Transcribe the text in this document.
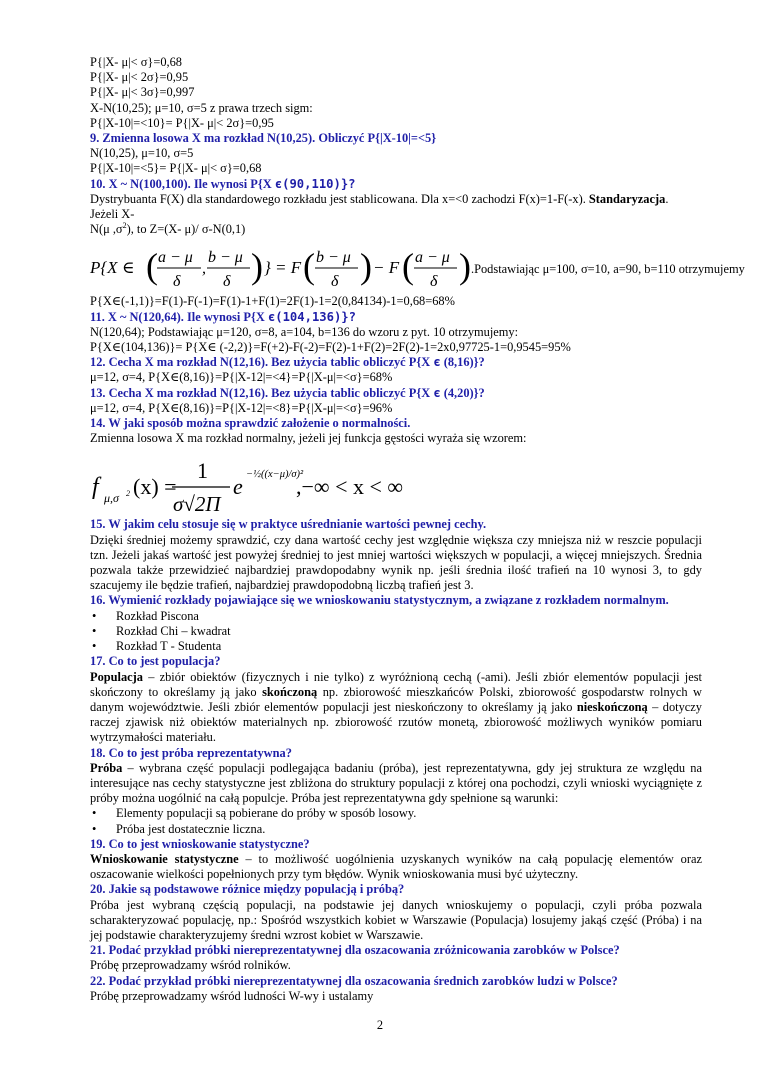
P{|X- μ|< σ}=0,68
P{|X- μ|< 2σ}=0,95
P{|X- μ|< 3σ}=0,997
X-N(10,25); μ=10, σ=5 z prawa trzech sigm:
P{|X-10|=<10}= P{|X- μ|< 2σ}=0,95
9. Zmienna losowa X ma rozkład N(10,25). Obliczyć P{|X-10|=<5}
N(10,25), μ=10, σ=5
P{|X-10|=<5}= P{|X- μ|< σ}=0,68
10. X ~ N(100,100). Ile wynosi P{X є(90,110)}?
Dystrybuanta F(X) dla standardowego rozkładu jest stablicowana. Dla x=<0 zachodzi F(x)=1-F(-x). Standaryzacja.
Jeżeli X-
N(μ $,\sigma^2$), to Z=(X- μ)/ σ-N(0,1)
P{X ∈ ( a − μ
δ
,
b − μ
δ ) } = F ( b − μ
δ ) − F ( a − μ
δ ) .Podstawiając μ=100, σ=10, a=90, b=110 otrzymujemy
P{X∈(-1,1)}=F(1)-F(-1)=F(1)-1+F(1)=2F(1)-1=2(0,84134)-1=0,68=68%
11. X ~ N(120,64). Ile wynosi P{X є(104,136)}?
N(120,64); Podstawiając μ=120, σ=8, a=104, b=136 do wzoru z pyt. 10 otrzymujemy:
P{X∈(104,136)}= P{X∈ (-2,2)}=F(+2)-F(-2)=F(2)-1+F(2)=2F(2)-1=2x0,97725-1=0,9545=95%
12. Cecha X ma rozkład N(12,16). Bez użycia tablic obliczyć P{X є (8,16)}?
μ=12, σ=4, P{X∈(8,16)}=P{|X-12|=<4}=P{|X-μ|=<σ}=68%
13. Cecha X ma rozkład N(12,16). Bez użycia tablic obliczyć P{X є (4,20)}?
μ=12, σ=4, P{X∈(8,16)}=P{|X-12|=<8}=P{|X-μ|=<σ}=96%
14. W jaki sposób można sprawdzić założenie o normalności.
Zmienna losowa X ma rozkład normalny, jeżeli jej funkcja gęstości wyraża się wzorem:
f μ,σ 2 (x) =
1
σ√2Π
e −½((x−μ)/σ)²
,−∞ < x < ∞
15. W jakim celu stosuje się w praktyce uśrednianie wartości pewnej cechy.
Dzięki średniej możemy sprawdzić, czy dana wartość cechy jest względnie większa czy mniejsza niż w reszcie populacji tzn. Jeżeli jakaś wartość jest powyżej średniej to jest mniej wartości większych w populacji, a więcej mniejszych. Średnia pozwala także przewidzieć najbardziej prawdopodabny wynik np. jeśli średnia ilość trafień na 10 wynosi 3, to gdy szacujemy ile będzie trafień, najbardziej prawdopodobną liczbą trafień jest 3.
16. Wymienić rozkłady pojawiające się we wnioskowaniu statystycznym, a związane z rozkładem normalnym.
• Rozkład Piscona
• Rozkład Chi – kwadrat
• Rozkład T - Studenta
17. Co to jest populacja?
Populacja – zbiór obiektów (fizycznych i nie tylko) z wyróżnioną cechą (-ami). Jeśli zbiór elementów populacji jest skończony to określamy ją jako skończoną np. zbiorowość mieszkańców Polski, zbiorowość gospodarstw rolnych w danym województwie. Jeśli zbiór elementów populacji jest nieskończony to określamy ją jako nieskończoną – dotyczy raczej zjawisk niż obiektów materialnych np. zbiorowość rzutów monetą, zbiorowość możliwych wyników pomiaru wytrzymałości materiału.
18. Co to jest próba reprezentatywna?
Próba – wybrana część populacji podlegająca badaniu (próba), jest reprezentatywna, gdy jej struktura ze względu na interesujące nas cechy statystyczne jest zbliżona do struktury populacji z której ona pochodzi, czyli wnioski wyciągnięte z próby można uogólnić na całą populcje. Próba jest reprezentatywna gdy spełnione są warunki:
• Elementy populacji są pobierane do próby w sposób losowy.
• Próba jest dostatecznie liczna.
19. Co to jest wnioskowanie statystyczne?
Wnioskowanie statystyczne – to możliwość uogólnienia uzyskanych wyników na całą populację elementów oraz oszacowanie wielkości popełnionych przy tym błędów. Wynik wnioskowania musi być użyteczny.
20. Jakie są podstawowe różnice między populacją i próbą?
Próba jest wybraną częścią populacji, na podstawie jej danych wnioskujemy o populacji, czyli próba pozwala scharakteryzować populację, np.: Spośród wszystkich kobiet w Warszawie (Populacja) losujemy jakąś część (Próba) i na jej podstawie charakteryzujemy średni wzrost kobiet w Warszawie.
21. Podać przykład próbki niereprezentatywnej dla oszacowania zróżnicowania zarobków w Polsce?
Próbę przeprowadzamy wśród rolników.
22. Podać przykład próbki niereprezentatywnej dla oszacowania średnich zarobków ludzi w Polsce?
Próbę przeprowadzamy wśród ludności W-wy i ustalamy
2
